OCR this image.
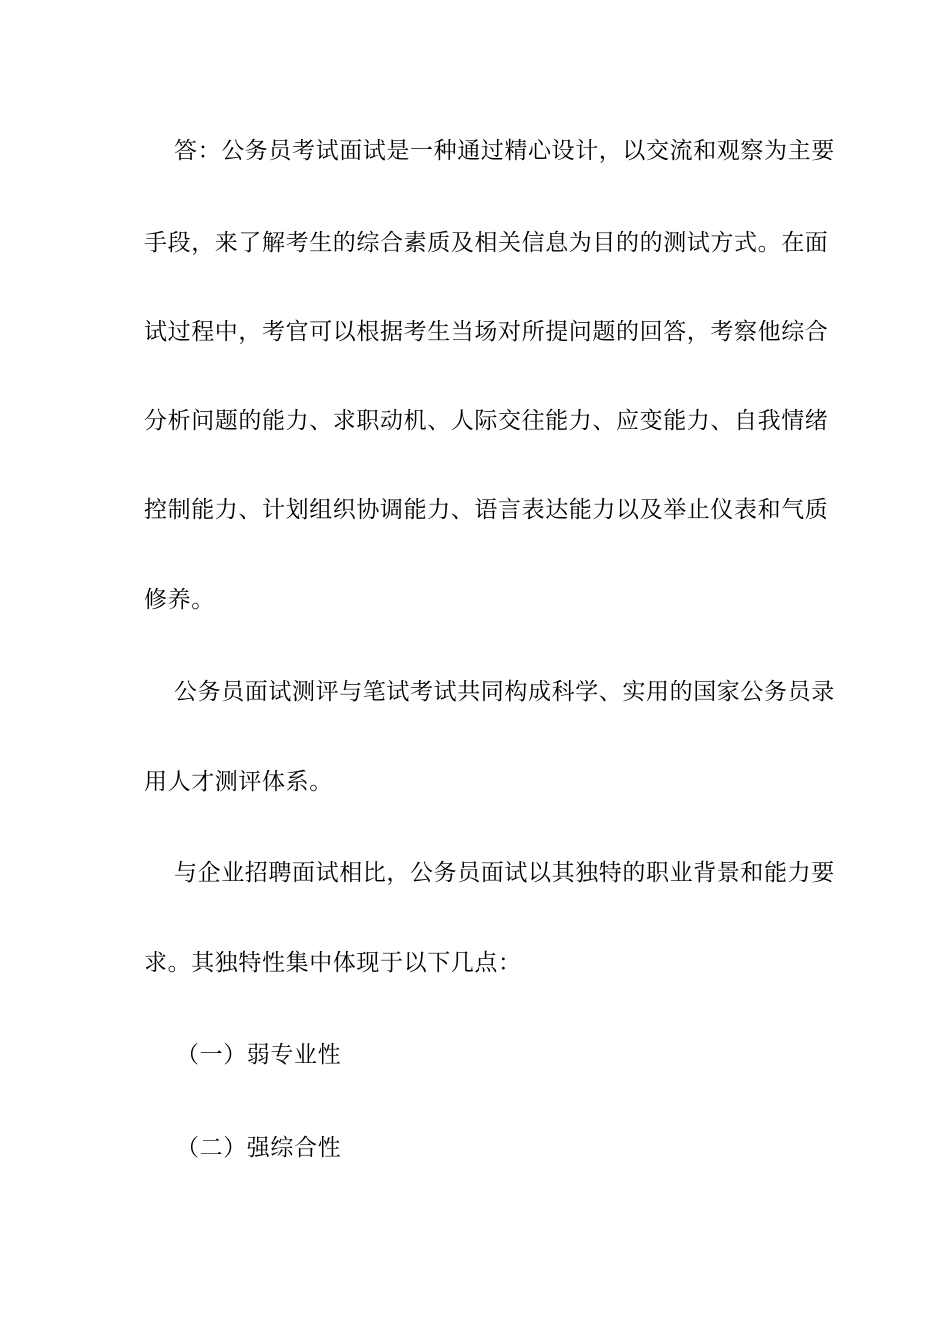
答：公务员考试面试是一种通过精心设计，以交流和观察为主要
手段，来了解考生的综合素质及相关信息为目的的测试方式。在面
试过程中，考官可以根据考生当场对所提问题的回答，考察他综合
分析问题的能力、求职动机、人际交往能力、应变能力、自我情绪
控制能力、计划组织协调能力、语言表达能力以及举止仪表和气质
修养。
公务员面试测评与笔试考试共同构成科学、实用的国家公务员录
用人才测评体系。
与企业招聘面试相比，公务员面试以其独特的职业背景和能力要
求。其独特性集中体现于以下几点：
（一）弱专业性
（二）强综合性
